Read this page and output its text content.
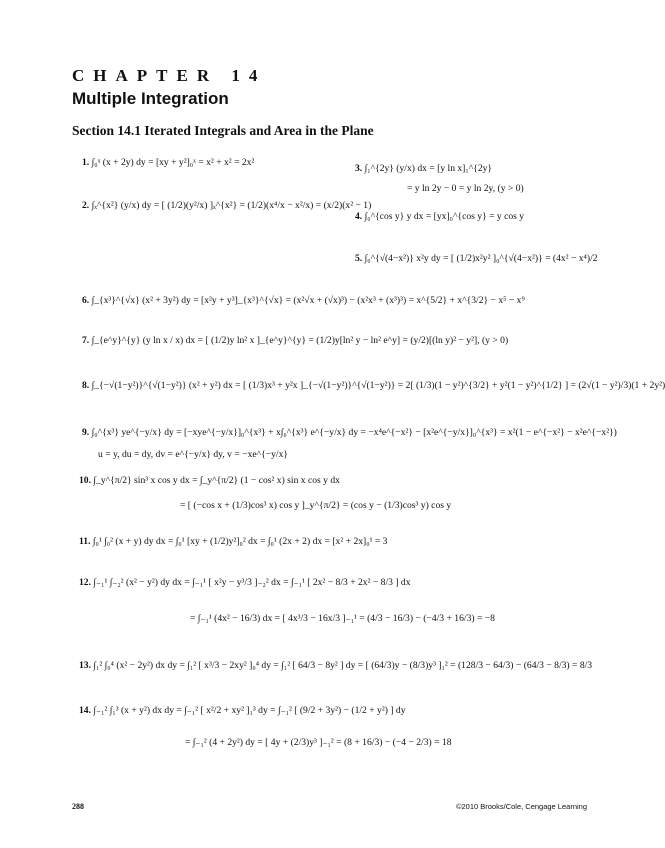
CHAPTER 14
Multiple Integration
Section 14.1 Iterated Integrals and Area in the Plane
1. ∫₀ˣ (x + 2y) dy = [xy + y²]₀ˣ = x² + x² = 2x²
2. ∫ₓ^{x²} (y/x) dy = [ (1/2)(y²/x) ]ₓ^{x²} = (1/2)(x⁴/x − x²/x) = (x/2)(x² − 1)
3. ∫₁^{2y} (y/x) dx = [y ln x]₁^{2y}
= y ln 2y − 0 = y ln 2y, (y > 0)
4. ∫₀^{cos y} y dx = [yx]₀^{cos y} = y cos y
5. ∫₀^{√(4−x²)} x²y dy = [ (1/2)x²y² ]₀^{√(4−x²)} = (4x² − x⁴)/2
6. ∫_{x³}^{√x} (x² + 3y²) dy = [x²y + y³]_{x³}^{√x} = (x²√x + (√x)³) − (x²x³ + (x³)³) = x^{5/2} + x^{3/2} − x⁵ − x⁹
7. ∫_{e^y}^{y} (y ln x / x) dx = [ (1/2)y ln² x ]_{e^y}^{y} = (1/2)y[ln² y − ln² e^y] = (y/2)[(ln y)² − y²], (y > 0)
8. ∫_{−√(1−y²)}^{√(1−y²)} (x² + y²) dx = [ (1/3)x³ + y²x ]_{−√(1−y²)}^{√(1−y²)} = 2[ (1/3)(1 − y²)^{3/2} + y²(1 − y²)^{1/2} ] = (2√(1 − y²)/3)(1 + 2y²)
9. ∫₀^{x³} ye^{−y/x} dy = [−xye^{−y/x}]₀^{x³} + x∫₀^{x³} e^{−y/x} dy = −x⁴e^{−x²} − [x²e^{−y/x}]₀^{x³} = x²(1 − e^{−x²} − x²e^{−x²})
u = y, du = dy, dv = e^{−y/x} dy, v = −xe^{−y/x}
10. ∫_y^{π/2} sin³ x cos y dx = ∫_y^{π/2} (1 − cos² x) sin x cos y dx
= [ (−cos x + (1/3)cos³ x) cos y ]_y^{π/2} = (cos y − (1/3)cos³ y) cos y
11. ∫₀¹ ∫₀² (x + y) dy dx = ∫₀¹ [xy + (1/2)y²]₀² dx = ∫₀¹ (2x + 2) dx = [x² + 2x]₀¹ = 3
12. ∫₋₁¹ ∫₋₂² (x² − y²) dy dx = ∫₋₁¹ [ x²y − y³/3 ]₋₂² dx = ∫₋₁¹ [ 2x² − 8/3 + 2x² − 8/3 ] dx
= ∫₋₁¹ (4x² − 16/3) dx = [ 4x³/3 − 16x/3 ]₋₁¹ = (4/3 − 16/3) − (−4/3 + 16/3) = −8
13. ∫₁² ∫₀⁴ (x² − 2y²) dx dy = ∫₁² [ x³/3 − 2xy² ]₀⁴ dy = ∫₁² [ 64/3 − 8y² ] dy = [ (64/3)y − (8/3)y³ ]₁² = (128/3 − 64/3) − (64/3 − 8/3) = 8/3
14. ∫₋₁² ∫₁³ (x + y²) dx dy = ∫₋₁² [ x²/2 + xy² ]₁³ dy = ∫₋₁² [ (9/2 + 3y²) − (1/2 + y²) ] dy
= ∫₋₁² (4 + 2y²) dy = [ 4y + (2/3)y³ ]₋₁² = (8 + 16/3) − (−4 − 2/3) = 18
288	©2010 Brooks/Cole, Cengage Learning
